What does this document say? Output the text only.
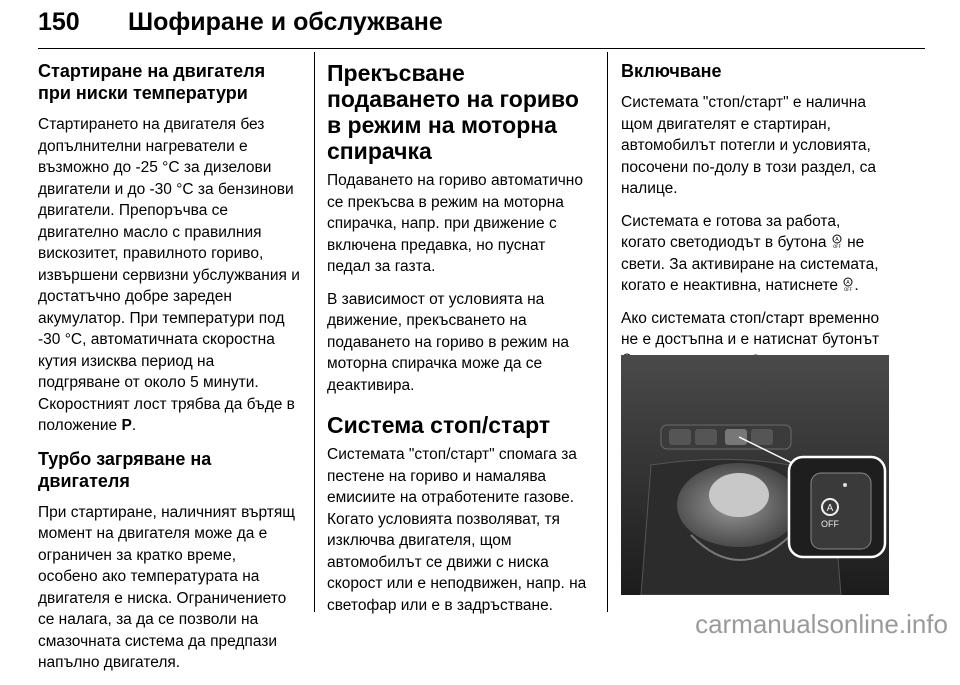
150 Шофиране и обслужване
Стартиране на двигателя при ниски температури

Стартирането на двигателя без допълнителни нагреватели е възможно до -25 °C за дизелови двигатели и до -30 °C за бензинови двигатели. Препоръчва се двигателно масло с правилния вискозитет, правилното гориво, извършени сервизни убслужвания и достатъчно добре зареден акумулатор. При температури под -30 °C, автоматичната скоростна кутия изисква период на подгряване от около 5 минути. Скоростният лост трябва да бъде в положение P.

Турбо загряване на двигателя

При стартиране, наличният въртящ момент на двигателя може да е ограничен за кратко време, особено ако температурата на двигателя е ниска. Ограничението се налага, за да се позволи на смазочната система да предпази напълно двигателя.

Прекъсване подаването на гориво в режим на моторна спирачка

Подаването на гориво автоматично се прекъсва в режим на моторна спирачка, напр. при движение с включена предавка, но пуснат педал за газта.

В зависимост от условията на движение, прекъсването на подаването на гориво в режим на моторна спирачка може да се деактивира.

Система стоп/старт

Системата "стоп/старт" спомага за пестене на гориво и намалява емисиите на отработените газове. Когато условията позволяват, тя изключва двигателя, щом автомобилът се движи с ниска скорост или е неподвижен, напр. на светофар или е в задръстване.

Включване

Системата "стоп/старт" е налична щом двигателят е стартиран, автомобилът потегли и условията, посочени по-долу в този раздел, са налице.

Системата е готова за работа, когато светодиодът в бутона A
OFF не свети. За активиране на системата, когато е неактивна, натиснете A
OFF .

Ако системата стоп/старт временно не е достъпна и е натиснат бутонът

A
OFF
carmanualsonline.info
